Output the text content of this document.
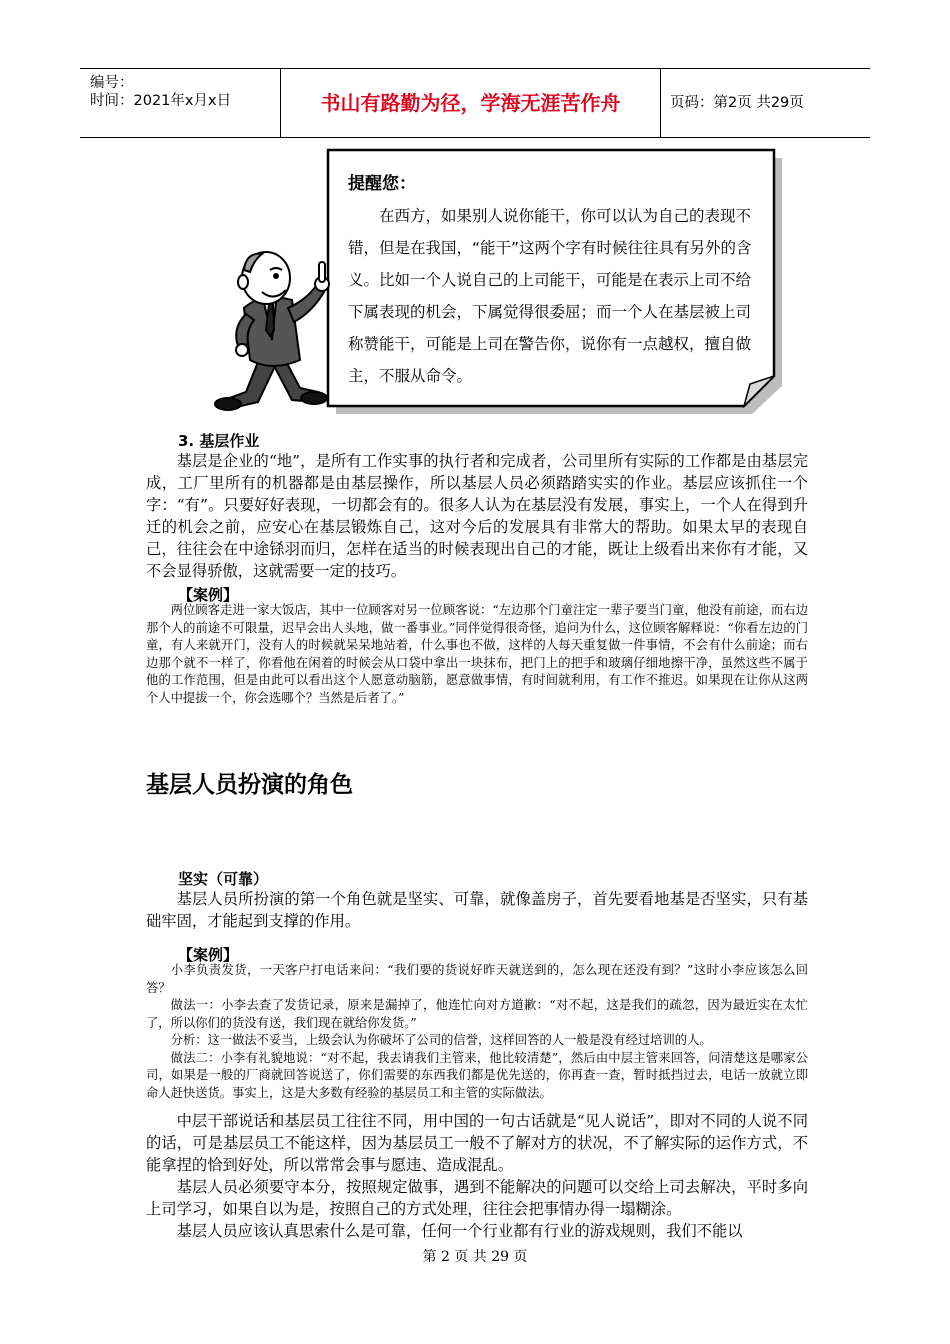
编号：
时间：2021年x月x日	书山有路勤为径，学海无涯苦作舟	页码：第2页 共29页
提醒您：
在西方，如果别人说你能干，你可以认为自己的表现不错，但是在我国，“能干”这两个字有时候往往具有另外的含义。比如一个人说自己的上司能干，可能是在表示上司不给下属表现的机会，下属觉得很委屈；而一个人在基层被上司称赞能干，可能是上司在警告你，说你有一点越权，擅自做主，不服从命令。
3. 基层作业
基层是企业的“地”，是所有工作实事的执行者和完成者，公司里所有实际的工作都是由基层完成，工厂里所有的机器都是由基层操作，所以基层人员必须踏踏实实的作业。基层应该抓住一个字：“有”。只要好好表现，一切都会有的。很多人认为在基层没有发展，事实上，一个人在得到升迁的机会之前，应安心在基层锻炼自己，这对今后的发展具有非常大的帮助。如果太早的表现自己，往往会在中途铩羽而归，怎样在适当的时候表现出自己的才能，既让上级看出来你有才能，又不会显得骄傲，这就需要一定的技巧。
【案例】
两位顾客走进一家大饭店，其中一位顾客对另一位顾客说：“左边那个门童注定一辈子要当门童，他没有前途，而右边那个人的前途不可限量，迟早会出人头地，做一番事业。”同伴觉得很奇怪，追问为什么，这位顾客解释说：“你看左边的门童，有人来就开门，没有人的时候就呆呆地站着，什么事也不做，这样的人每天重复做一件事情，不会有什么前途；而右边那个就不一样了，你看他在闲着的时候会从口袋中拿出一块抹布，把门上的把手和玻璃仔细地擦干净，虽然这些不属于他的工作范围，但是由此可以看出这个人愿意动脑筋，愿意做事情，有时间就利用，有工作不推迟。如果现在让你从这两个人中提拔一个，你会选哪个？当然是后者了。”
基层人员扮演的角色
坚实（可靠）
基层人员所扮演的第一个角色就是坚实、可靠，就像盖房子，首先要看地基是否坚实，只有基础牢固，才能起到支撑的作用。
【案例】
小李负责发货，一天客户打电话来问：“我们要的货说好昨天就送到的，怎么现在还没有到？”这时小李应该怎么回答？
做法一：小李去查了发货记录，原来是漏掉了，他连忙向对方道歉：“对不起，这是我们的疏忽，因为最近实在太忙了，所以你们的货没有送，我们现在就给你发货。”
分析：这一做法不妥当，上级会认为你破坏了公司的信誉，这样回答的人一般是没有经过培训的人。
做法二：小李有礼貌地说：“对不起，我去请我们主管来，他比较清楚”，然后由中层主管来回答，问清楚这是哪家公司，如果是一般的厂商就回答说送了，你们需要的东西我们都是优先送的，你再查一查，暂时抵挡过去，电话一放就立即命人赶快送货。事实上，这是大多数有经验的基层员工和主管的实际做法。
中层干部说话和基层员工往往不同，用中国的一句古话就是“见人说话”，即对不同的人说不同的话，可是基层员工不能这样，因为基层员工一般不了解对方的状况，不了解实际的运作方式，不能拿捏的恰到好处，所以常常会事与愿违、造成混乱。
基层人员必须要守本分，按照规定做事，遇到不能解决的问题可以交给上司去解决，平时多向上司学习，如果自以为是，按照自己的方式处理，往往会把事情办得一塌糊涂。
基层人员应该认真思索什么是可靠，任何一个行业都有行业的游戏规则，我们不能以
第 2 页 共 29 页
